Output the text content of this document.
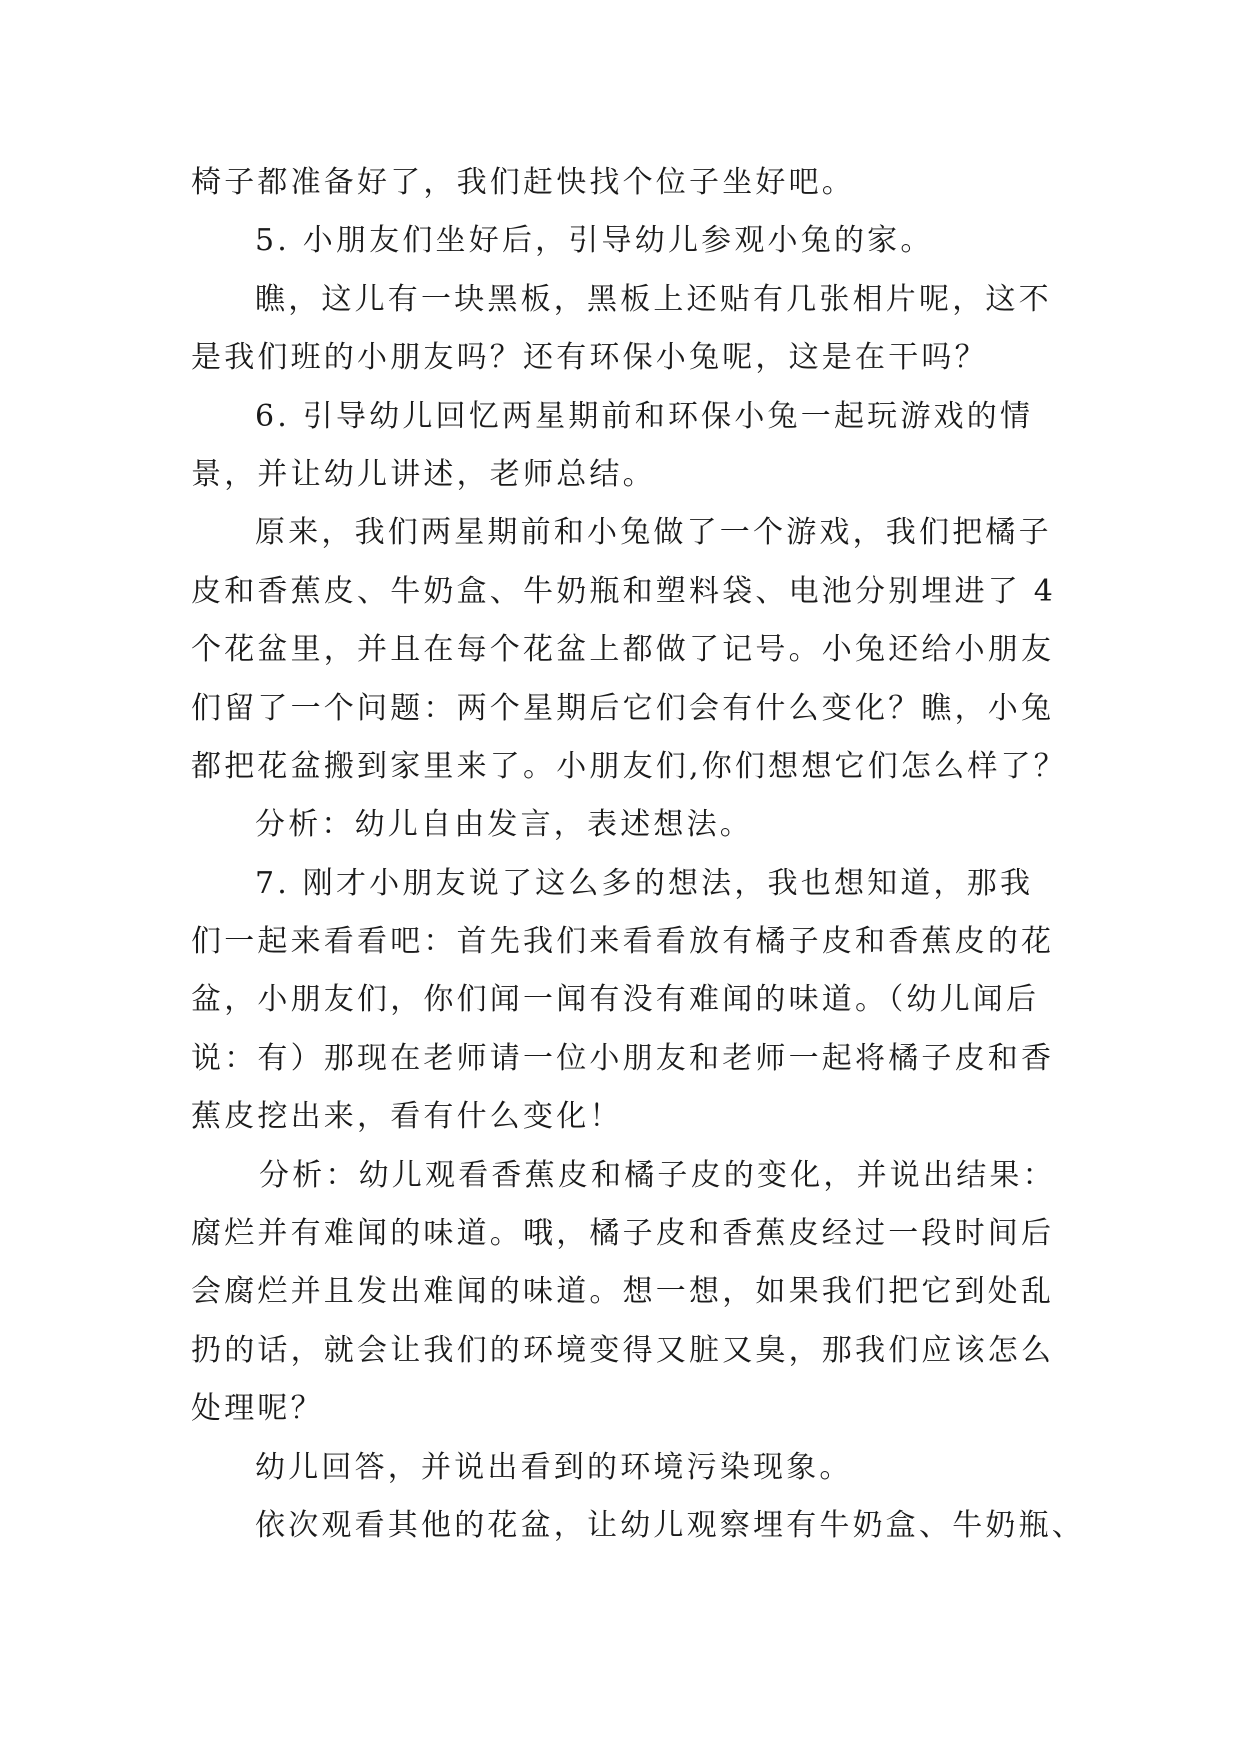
椅子都准备好了，我们赶快找个位子坐好吧。
5. 小朋友们坐好后，引导幼儿参观小兔的家。
瞧，这儿有一块黑板，黑板上还贴有几张相片呢，这不
是我们班的小朋友吗？还有环保小兔呢，这是在干吗？
6. 引导幼儿回忆两星期前和环保小兔一起玩游戏的情
景，并让幼儿讲述，老师总结。
原来，我们两星期前和小兔做了一个游戏，我们把橘子
皮和香蕉皮、牛奶盒、牛奶瓶和塑料袋、电池分别埋进了 4
个花盆里，并且在每个花盆上都做了记号。小兔还给小朋友
们留了一个问题：两个星期后它们会有什么变化？瞧，小兔
都把花盆搬到家里来了。小朋友们,你们想想它们怎么样了？
分析：幼儿自由发言，表述想法。
7. 刚才小朋友说了这么多的想法，我也想知道，那我
们一起来看看吧：首先我们来看看放有橘子皮和香蕉皮的花
盆，小朋友们，你们闻一闻有没有难闻的味道。（幼儿闻后
说：有）那现在老师请一位小朋友和老师一起将橘子皮和香
蕉皮挖出来，看有什么变化！
分析：幼儿观看香蕉皮和橘子皮的变化，并说出结果：
腐烂并有难闻的味道。哦，橘子皮和香蕉皮经过一段时间后
会腐烂并且发出难闻的味道。想一想，如果我们把它到处乱
扔的话，就会让我们的环境变得又脏又臭，那我们应该怎么
处理呢？
幼儿回答，并说出看到的环境污染现象。
依次观看其他的花盆，让幼儿观察埋有牛奶盒、牛奶瓶、
